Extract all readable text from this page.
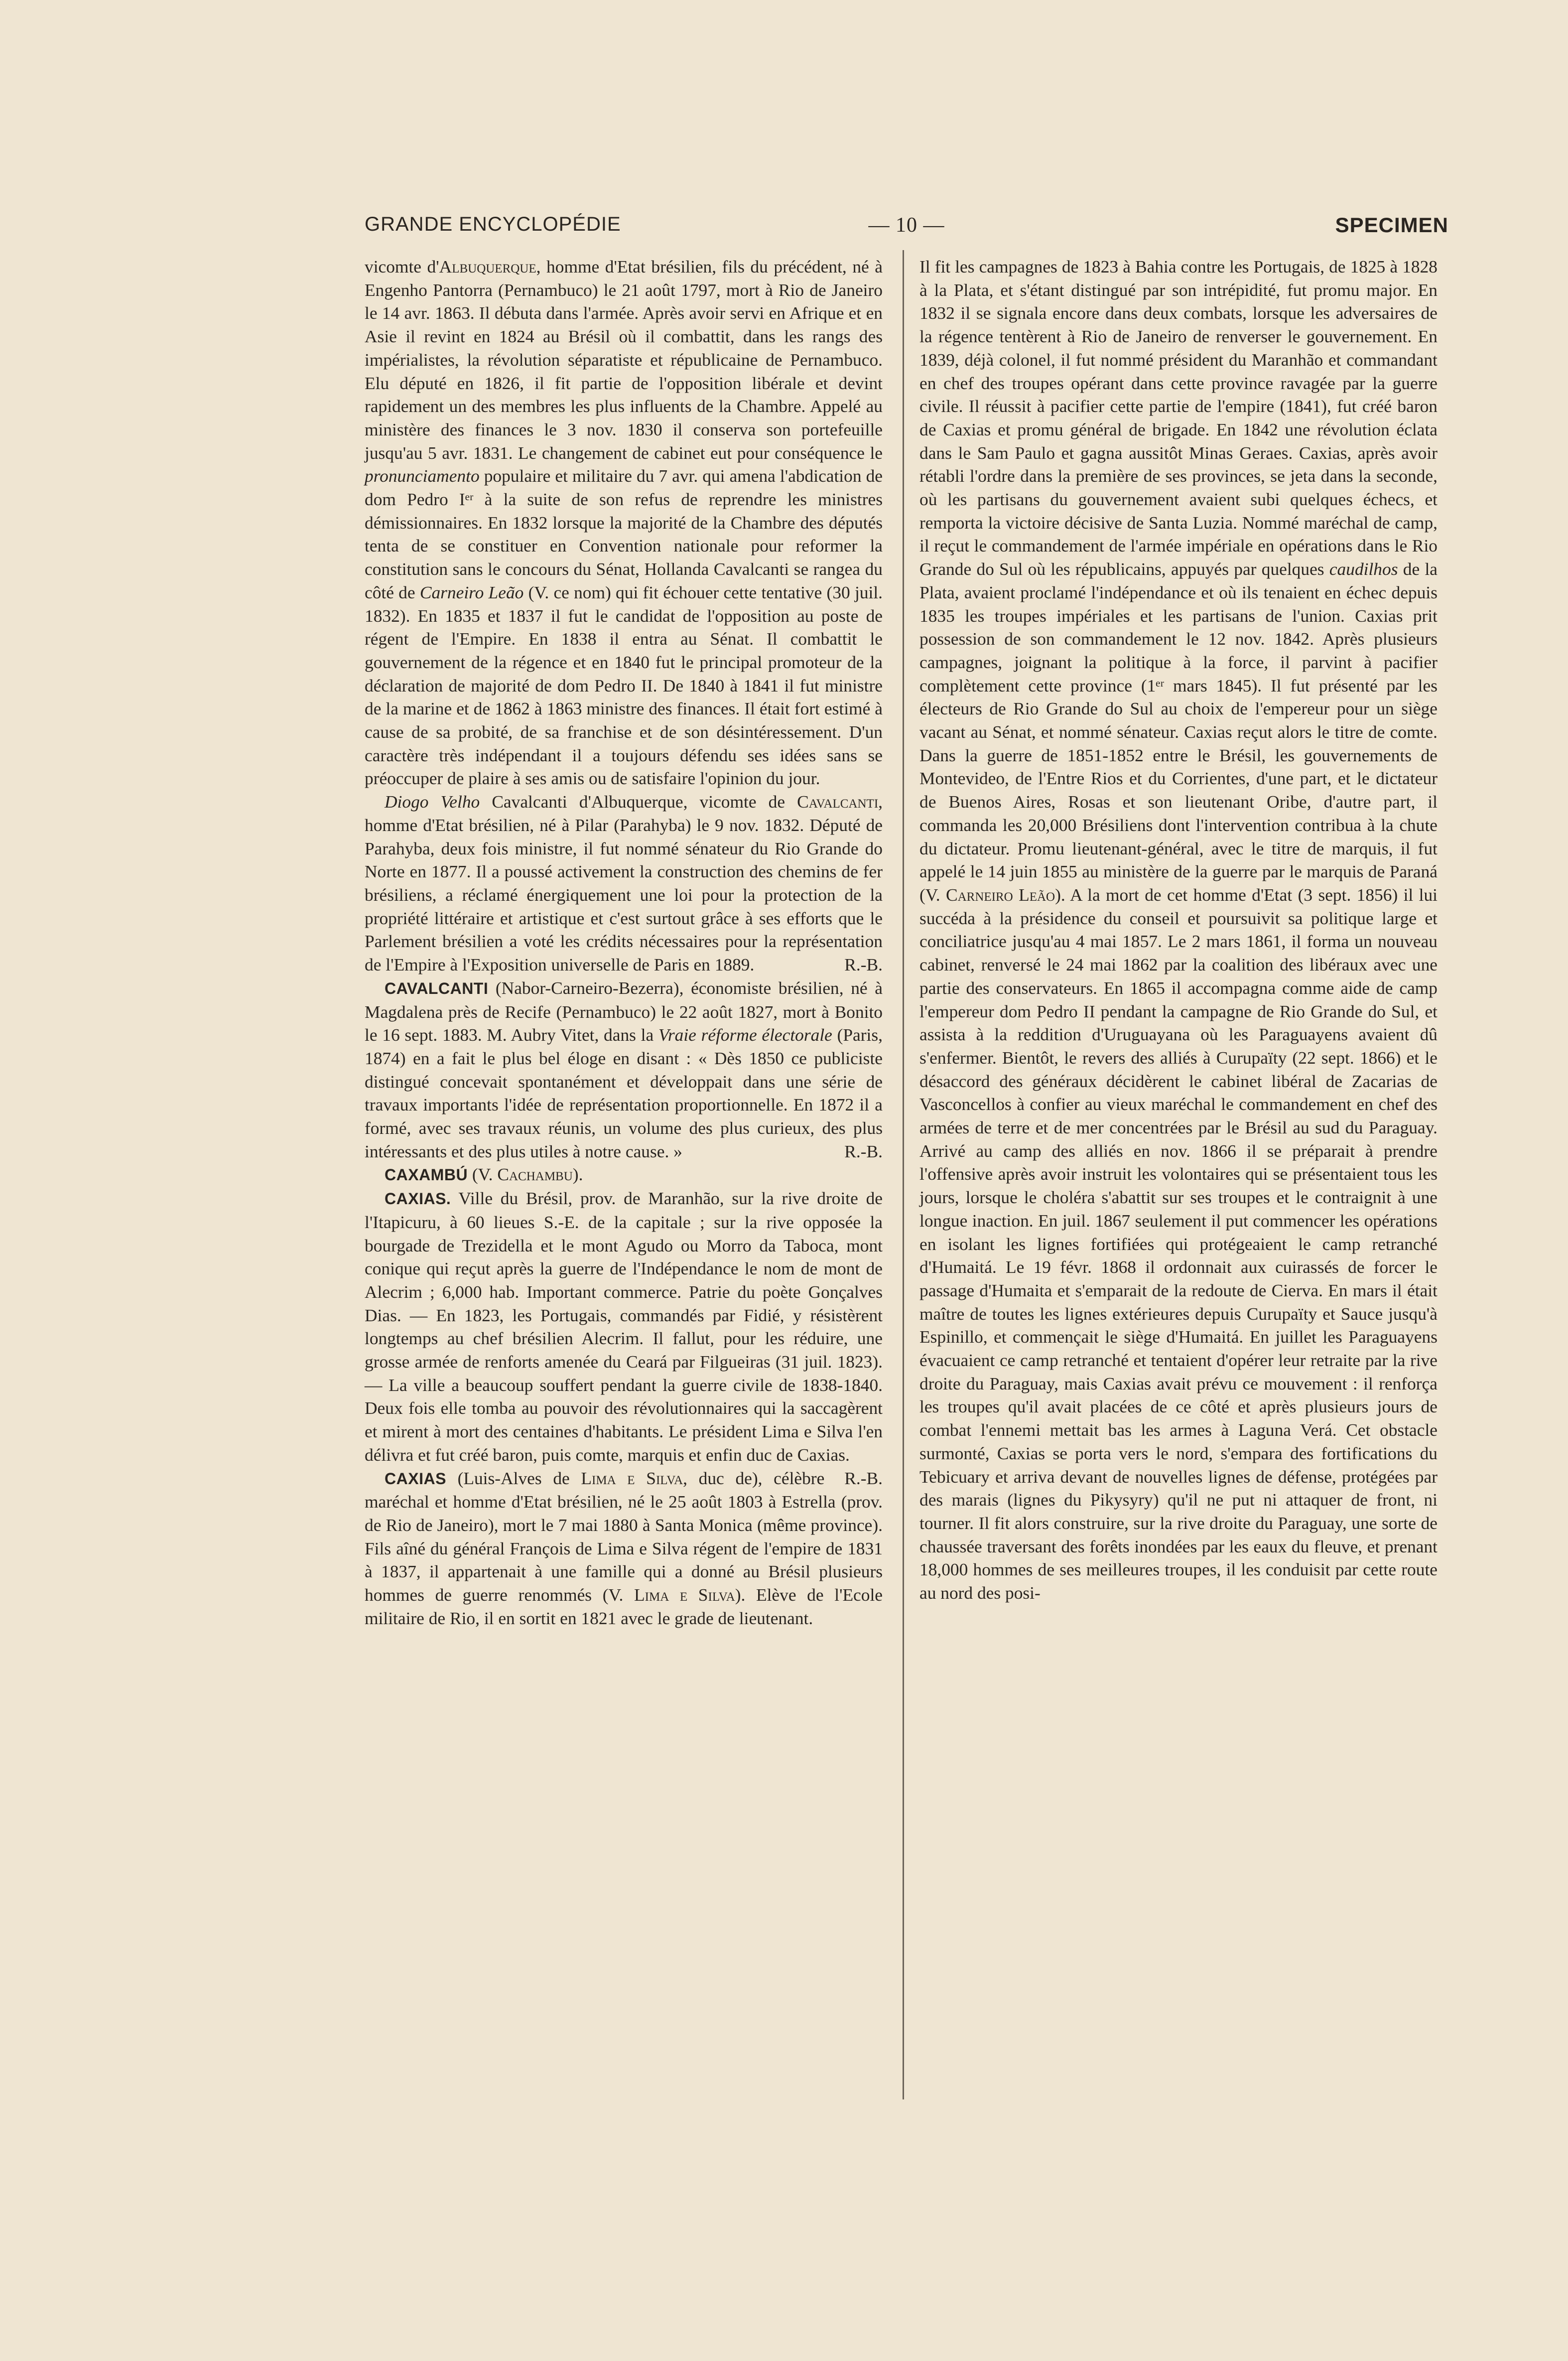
GRANDE ENCYCLOPÉDIE	— 10 —	SPECIMEN

vicomte d'Albuquerque, homme d'Etat brésilien, fils du précédent, né à Engenho Pantorra (Pernambuco) le 21 août 1797, mort à Rio de Janeiro le 14 avr. 1863. Il débuta dans l'armée. Après avoir servi en Afrique et en Asie il revint en 1824 au Brésil où il combattit, dans les rangs des impérialistes, la révolution séparatiste et républicaine de Pernambuco. Elu député en 1826, il fit partie de l'opposition libérale et devint rapidement un des membres les plus influents de la Chambre. Appelé au ministère des finances le 3 nov. 1830 il conserva son portefeuille jusqu'au 5 avr. 1831. Le changement de cabinet eut pour conséquence le pronunciamento populaire et militaire du 7 avr. qui amena l'abdication de dom Pedro Iᵉʳ à la suite de son refus de reprendre les ministres démissionnaires. En 1832 lorsque la majorité de la Chambre des députés tenta de se constituer en Convention nationale pour reformer la constitution sans le concours du Sénat, Hollanda Cavalcanti se rangea du côté de Carneiro Leão (V. ce nom) qui fit échouer cette tentative (30 juil. 1832). En 1835 et 1837 il fut le candidat de l'opposition au poste de régent de l'Empire. En 1838 il entra au Sénat. Il combattit le gouvernement de la régence et en 1840 fut le principal promoteur de la déclaration de majorité de dom Pedro II. De 1840 à 1841 il fut ministre de la marine et de 1862 à 1863 ministre des finances. Il était fort estimé à cause de sa probité, de sa franchise et de son désintéressement. D'un caractère très indépendant il a toujours défendu ses idées sans se préoccuper de plaire à ses amis ou de satisfaire l'opinion du jour.

Diogo Velho Cavalcanti d'Albuquerque, vicomte de Cavalcanti, homme d'Etat brésilien, né à Pilar (Parahyba) le 9 nov. 1832. Député de Parahyba, deux fois ministre, il fut nommé sénateur du Rio Grande do Norte en 1877. Il a poussé activement la construction des chemins de fer brésiliens, a réclamé énergiquement une loi pour la protection de la propriété littéraire et artistique et c'est surtout grâce à ses efforts que le Parlement brésilien a voté les crédits nécessaires pour la représentation de l'Empire à l'Exposition universelle de Paris en 1889.	R.-B.

CAVALCANTI (Nabor-Carneiro-Bezerra), économiste brésilien, né à Magdalena près de Recife (Pernambuco) le 22 août 1827, mort à Bonito le 16 sept. 1883. M. Aubry Vitet, dans la Vraie réforme électorale (Paris, 1874) en a fait le plus bel éloge en disant : « Dès 1850 ce publiciste distingué concevait spontanément et développait dans une série de travaux importants l'idée de représentation proportionnelle. En 1872 il a formé, avec ses travaux réunis, un volume des plus curieux, des plus intéressants et des plus utiles à notre cause. »	R.-B.

CAXAMBÚ (V. Cachambu).

CAXIAS. Ville du Brésil, prov. de Maranhão, sur la rive droite de l'Itapicuru, à 60 lieues S.-E. de la capitale ; sur la rive opposée la bourgade de Trezidella et le mont Agudo ou Morro da Taboca, mont conique qui reçut après la guerre de l'Indépendance le nom de mont de Alecrim ; 6,000 hab. Important commerce. Patrie du poète Gonçalves Dias. — En 1823, les Portugais, commandés par Fidié, y résistèrent longtemps au chef brésilien Alecrim. Il fallut, pour les réduire, une grosse armée de renforts amenée du Ceará par Filgueiras (31 juil. 1823). — La ville a beaucoup souffert pendant la guerre civile de 1838-1840. Deux fois elle tomba au pouvoir des révolutionnaires qui la saccagèrent et mirent à mort des centaines d'habitants. Le président Lima e Silva l'en délivra et fut créé baron, puis comte, marquis et enfin duc de Caxias.
R.-B.

CAXIAS (Luis-Alves de Lima e Silva, duc de), célèbre maréchal et homme d'Etat brésilien, né le 25 août 1803 à Estrella (prov. de Rio de Janeiro), mort le 7 mai 1880 à Santa Monica (même province). Fils aîné du général François de Lima e Silva régent de l'empire de 1831 à 1837, il appartenait à une famille qui a donné au Brésil plusieurs hommes de guerre renommés (V. Lima e Silva). Elève de l'Ecole militaire de Rio, il en sortit en 1821 avec le grade de lieutenant.

Il fit les campagnes de 1823 à Bahia contre les Portugais, de 1825 à 1828 à la Plata, et s'étant distingué par son intrépidité, fut promu major. En 1832 il se signala encore dans deux combats, lorsque les adversaires de la régence tentèrent à Rio de Janeiro de renverser le gouvernement. En 1839, déjà colonel, il fut nommé président du Maranhão et commandant en chef des troupes opérant dans cette province ravagée par la guerre civile. Il réussit à pacifier cette partie de l'empire (1841), fut créé baron de Caxias et promu général de brigade. En 1842 une révolution éclata dans le Sam Paulo et gagna aussitôt Minas Geraes. Caxias, après avoir rétabli l'ordre dans la première de ses provinces, se jeta dans la seconde, où les partisans du gouvernement avaient subi quelques échecs, et remporta la victoire décisive de Santa Luzia. Nommé maréchal de camp, il reçut le commandement de l'armée impériale en opérations dans le Rio Grande do Sul où les républicains, appuyés par quelques caudilhos de la Plata, avaient proclamé l'indépendance et où ils tenaient en échec depuis 1835 les troupes impériales et les partisans de l'union. Caxias prit possession de son commandement le 12 nov. 1842. Après plusieurs campagnes, joignant la politique à la force, il parvint à pacifier complètement cette province (1ᵉʳ mars 1845). Il fut présenté par les électeurs de Rio Grande do Sul au choix de l'empereur pour un siège vacant au Sénat, et nommé sénateur. Caxias reçut alors le titre de comte. Dans la guerre de 1851-1852 entre le Brésil, les gouvernements de Montevideo, de l'Entre Rios et du Corrientes, d'une part, et le dictateur de Buenos Aires, Rosas et son lieutenant Oribe, d'autre part, il commanda les 20,000 Brésiliens dont l'intervention contribua à la chute du dictateur. Promu lieutenant-général, avec le titre de marquis, il fut appelé le 14 juin 1855 au ministère de la guerre par le marquis de Paraná (V. Carneiro Leão). A la mort de cet homme d'Etat (3 sept. 1856) il lui succéda à la présidence du conseil et poursuivit sa politique large et conciliatrice jusqu'au 4 mai 1857. Le 2 mars 1861, il forma un nouveau cabinet, renversé le 24 mai 1862 par la coalition des libéraux avec une partie des conservateurs. En 1865 il accompagna comme aide de camp l'empereur dom Pedro II pendant la campagne de Rio Grande do Sul, et assista à la reddition d'Uruguayana où les Paraguayens avaient dû s'enfermer. Bientôt, le revers des alliés à Curupaïty (22 sept. 1866) et le désaccord des généraux décidèrent le cabinet libéral de Zacarias de Vasconcellos à confier au vieux maréchal le commandement en chef des armées de terre et de mer concentrées par le Brésil au sud du Paraguay. Arrivé au camp des alliés en nov. 1866 il se préparait à prendre l'offensive après avoir instruit les volontaires qui se présentaient tous les jours, lorsque le choléra s'abattit sur ses troupes et le contraignit à une longue inaction. En juil. 1867 seulement il put commencer les opérations en isolant les lignes fortifiées qui protégeaient le camp retranché d'Humaitá. Le 19 févr. 1868 il ordonnait aux cuirassés de forcer le passage d'Humaita et s'emparait de la redoute de Cierva. En mars il était maître de toutes les lignes extérieures depuis Curupaïty et Sauce jusqu'à Espinillo, et commençait le siège d'Humaitá. En juillet les Paraguayens évacuaient ce camp retranché et tentaient d'opérer leur retraite par la rive droite du Paraguay, mais Caxias avait prévu ce mouvement : il renforça les troupes qu'il avait placées de ce côté et après plusieurs jours de combat l'ennemi mettait bas les armes à Laguna Verá. Cet obstacle surmonté, Caxias se porta vers le nord, s'empara des fortifications du Tebicuary et arriva devant de nouvelles lignes de défense, protégées par des marais (lignes du Pikysyry) qu'il ne put ni attaquer de front, ni tourner. Il fit alors construire, sur la rive droite du Paraguay, une sorte de chaussée traversant des forêts inondées par les eaux du fleuve, et prenant 18,000 hommes de ses meilleures troupes, il les conduisit par cette route au nord des posi-
